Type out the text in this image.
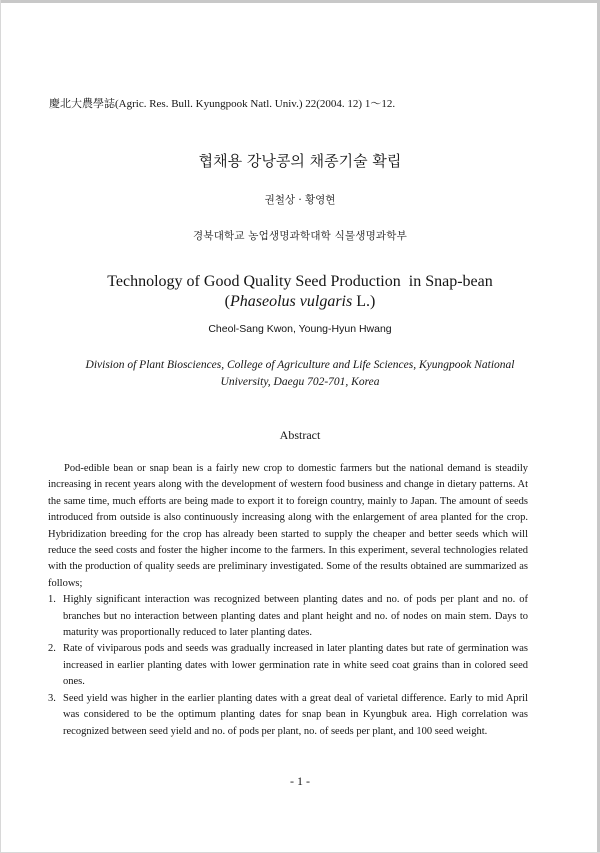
慶北大農學誌(Agric. Res. Bull. Kyungpook Natl. Univ.) 22(2004. 12) 1～12.
협채용 강낭콩의 채종기술 확립
권철상 · 황영현
경북대학교 농업생명과학대학 식물생명과학부
Technology of Good Quality Seed Production  in Snap-bean
(Phaseolus vulgaris L.)
Cheol-Sang Kwon, Young-Hyun Hwang
Division of Plant Biosciences, College of Agriculture and Life Sciences, Kyungpook National University, Daegu 702-701, Korea
Abstract

Pod-edible bean or snap bean is a fairly new crop to domestic farmers but the national demand is steadily increasing in recent years along with the development of western food business and change in dietary patterns. At the same time, much efforts are being made to export it to foreign country, mainly to Japan. The amount of seeds introduced from outside is also continuously increasing along with the enlargement of area planted for the crop. Hybridization breeding for the crop has already been started to supply the cheaper and better seeds which will reduce the seed costs and foster the higher income to the farmers. In this experiment, several technologies related with the production of quality seeds are preliminary investigated. Some of the results obtained are summarized as follows;

1. Highly significant interaction was recognized between planting dates and no. of pods per plant and no. of branches but no interaction between planting dates and plant height and no. of nodes on main stem. Days to maturity was proportionally reduced to later planting dates.
2. Rate of viviparous pods and seeds was gradually increased in later planting dates but rate of germination was increased in earlier planting dates with lower germination rate in white seed coat grains than in colored seed ones.
3. Seed yield was higher in the earlier planting dates with a great deal of varietal difference. Early to mid April was considered to be the optimum planting dates for snap bean in Kyungbuk area. High correlation was recognized between seed yield and no. of pods per plant, no. of seeds per plant, and 100 seed weight.
- 1 -
